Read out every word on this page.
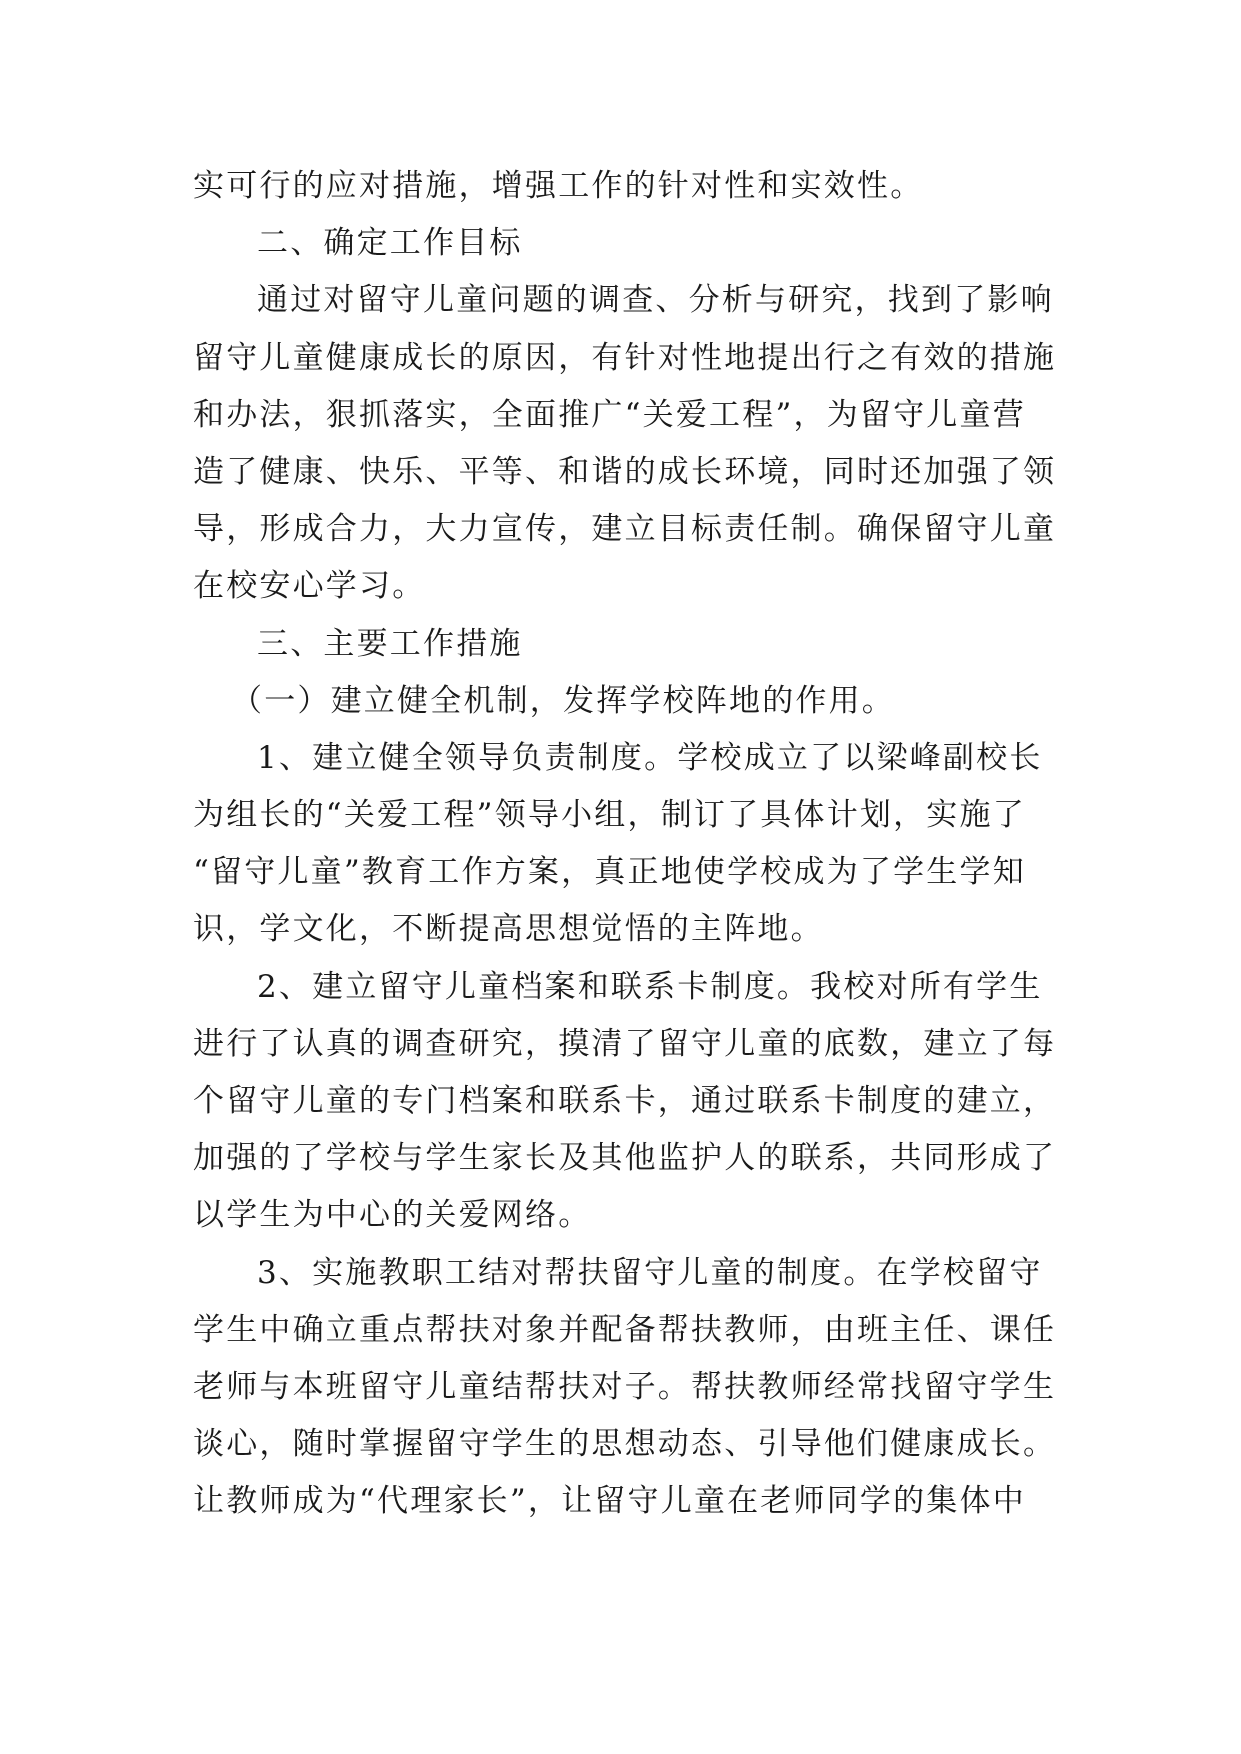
实可行的应对措施，增强工作的针对性和实效性。
二、确定工作目标
通过对留守儿童问题的调查、分析与研究，找到了影响
留守儿童健康成长的原因，有针对性地提出行之有效的措施
和办法，狠抓落实，全面推广“关爱工程”，为留守儿童营
造了健康、快乐、平等、和谐的成长环境，同时还加强了领
导，形成合力，大力宣传，建立目标责任制。确保留守儿童
在校安心学习。
三、主要工作措施
（一）建立健全机制，发挥学校阵地的作用。
1、建立健全领导负责制度。学校成立了以梁峰副校长
为组长的“关爱工程”领导小组，制订了具体计划，实施了
“留守儿童”教育工作方案，真正地使学校成为了学生学知
识，学文化，不断提高思想觉悟的主阵地。
2、建立留守儿童档案和联系卡制度。我校对所有学生
进行了认真的调查研究，摸清了留守儿童的底数，建立了每
个留守儿童的专门档案和联系卡，通过联系卡制度的建立，
加强的了学校与学生家长及其他监护人的联系，共同形成了
以学生为中心的关爱网络。
3、实施教职工结对帮扶留守儿童的制度。在学校留守
学生中确立重点帮扶对象并配备帮扶教师，由班主任、课任
老师与本班留守儿童结帮扶对子。帮扶教师经常找留守学生
谈心，随时掌握留守学生的思想动态、引导他们健康成长。
让教师成为“代理家长”，让留守儿童在老师同学的集体中
